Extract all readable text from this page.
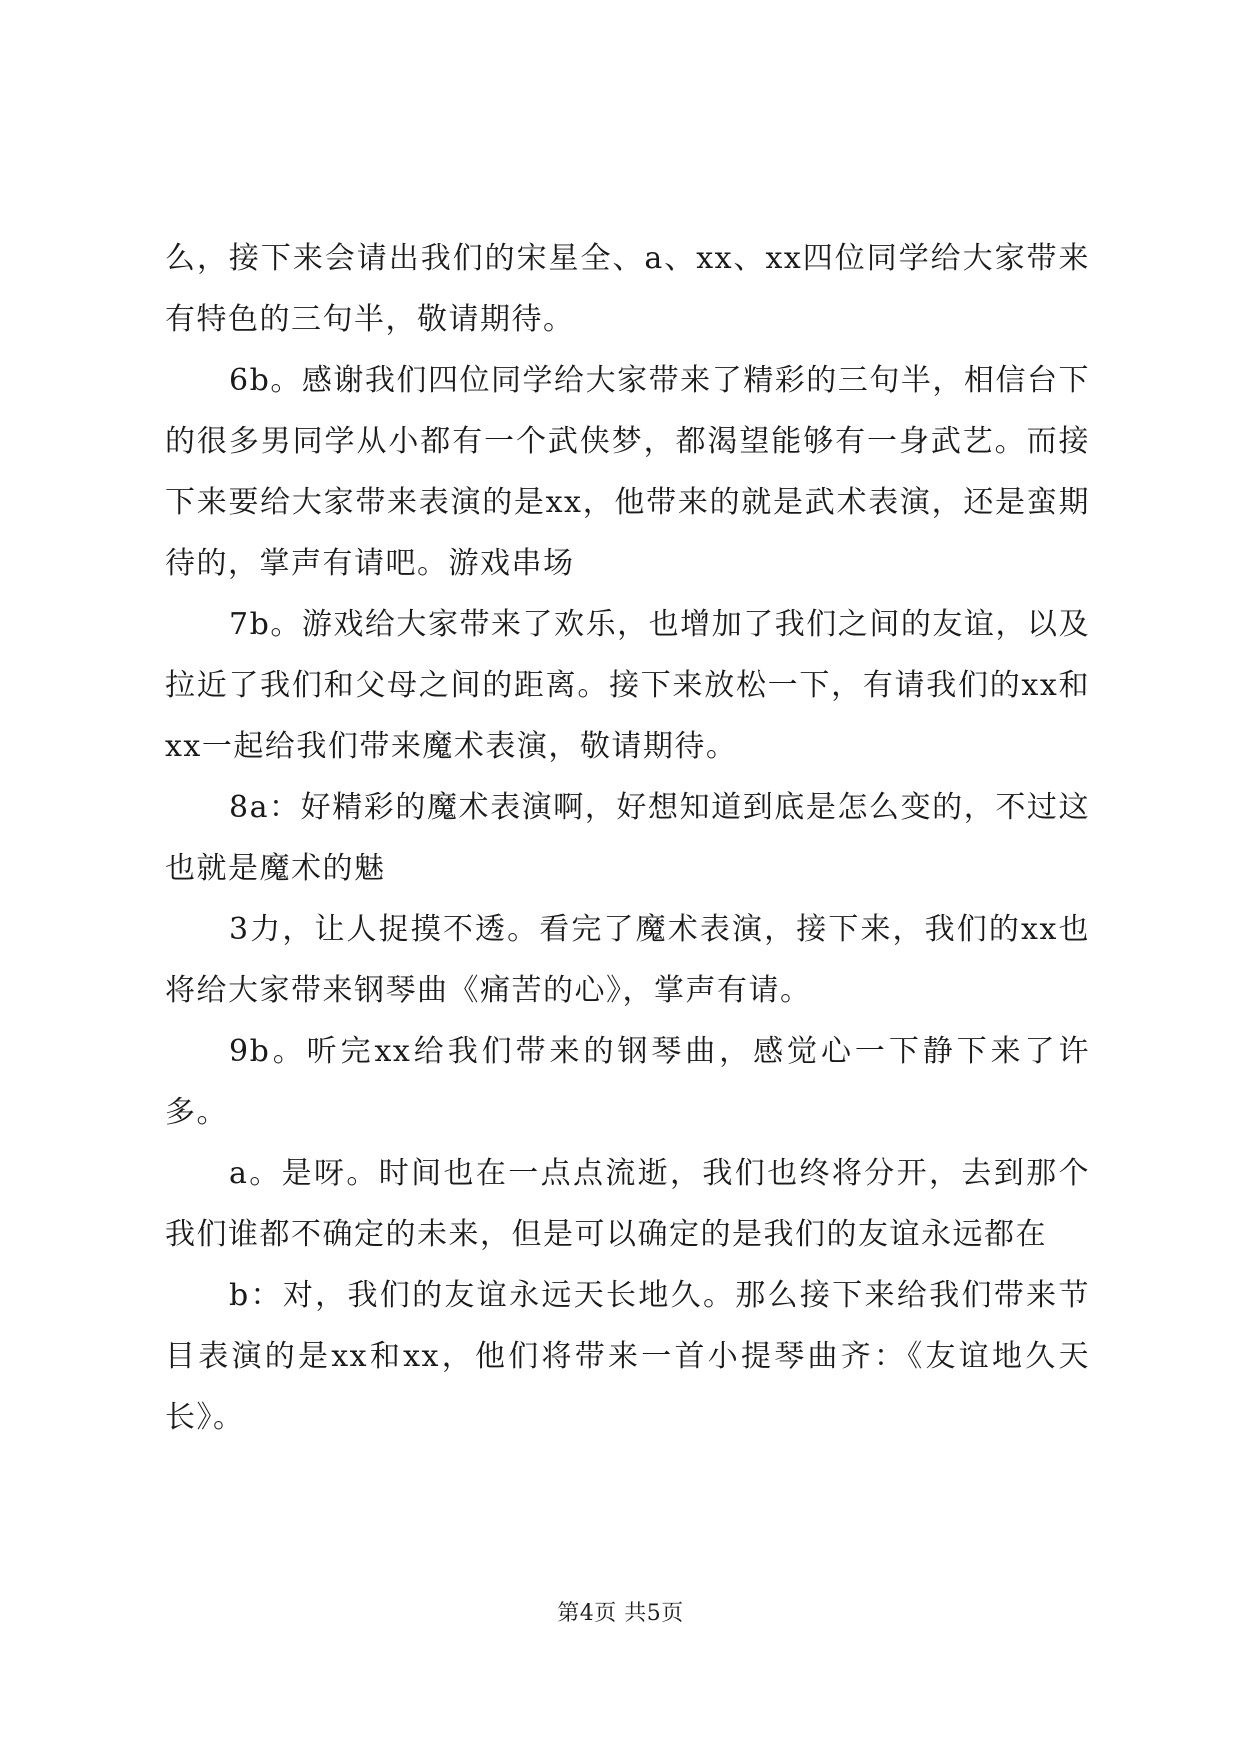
么，接下来会请出我们的宋星全、a、xx、xx四位同学给大家带来有特色的三句半，敬请期待。

6b。感谢我们四位同学给大家带来了精彩的三句半，相信台下的很多男同学从小都有一个武侠梦，都渴望能够有一身武艺。而接下来要给大家带来表演的是xx，他带来的就是武术表演，还是蛮期待的，掌声有请吧。游戏串场

7b。游戏给大家带来了欢乐，也增加了我们之间的友谊，以及拉近了我们和父母之间的距离。接下来放松一下，有请我们的xx和xx一起给我们带来魔术表演，敬请期待。

8a：好精彩的魔术表演啊，好想知道到底是怎么变的，不过这也就是魔术的魅

3力，让人捉摸不透。看完了魔术表演，接下来，我们的xx也将给大家带来钢琴曲《痛苦的心》，掌声有请。

9b。听完xx给我们带来的钢琴曲，感觉心一下静下来了许多。

a。是呀。时间也在一点点流逝，我们也终将分开，去到那个我们谁都不确定的未来，但是可以确定的是我们的友谊永远都在

b：对，我们的友谊永远天长地久。那么接下来给我们带来节目表演的是xx和xx，他们将带来一首小提琴曲齐：《友谊地久天长》。

第4页 共5页
